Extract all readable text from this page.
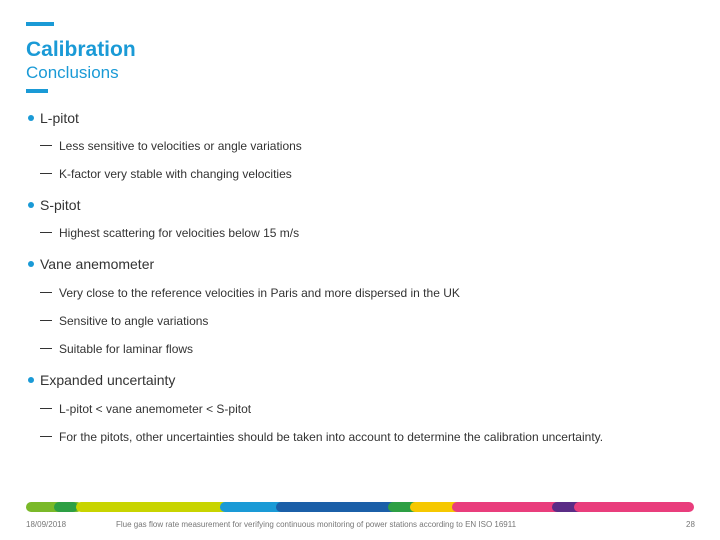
Calibration
Conclusions
L-pitot
Less sensitive to velocities or angle variations
K-factor very stable with changing velocities
S-pitot
Highest scattering for velocities below 15 m/s
Vane anemometer
Very close to the reference velocities in Paris and more dispersed in the UK
Sensitive to angle variations
Suitable for laminar flows
Expanded uncertainty
L-pitot < vane anemometer < S-pitot
For the pitots, other uncertainties should be taken into account to determine the calibration uncertainty.
18/09/2018	Flue gas flow rate measurement for verifying continuous monitoring of power stations according to EN ISO 16911	28
